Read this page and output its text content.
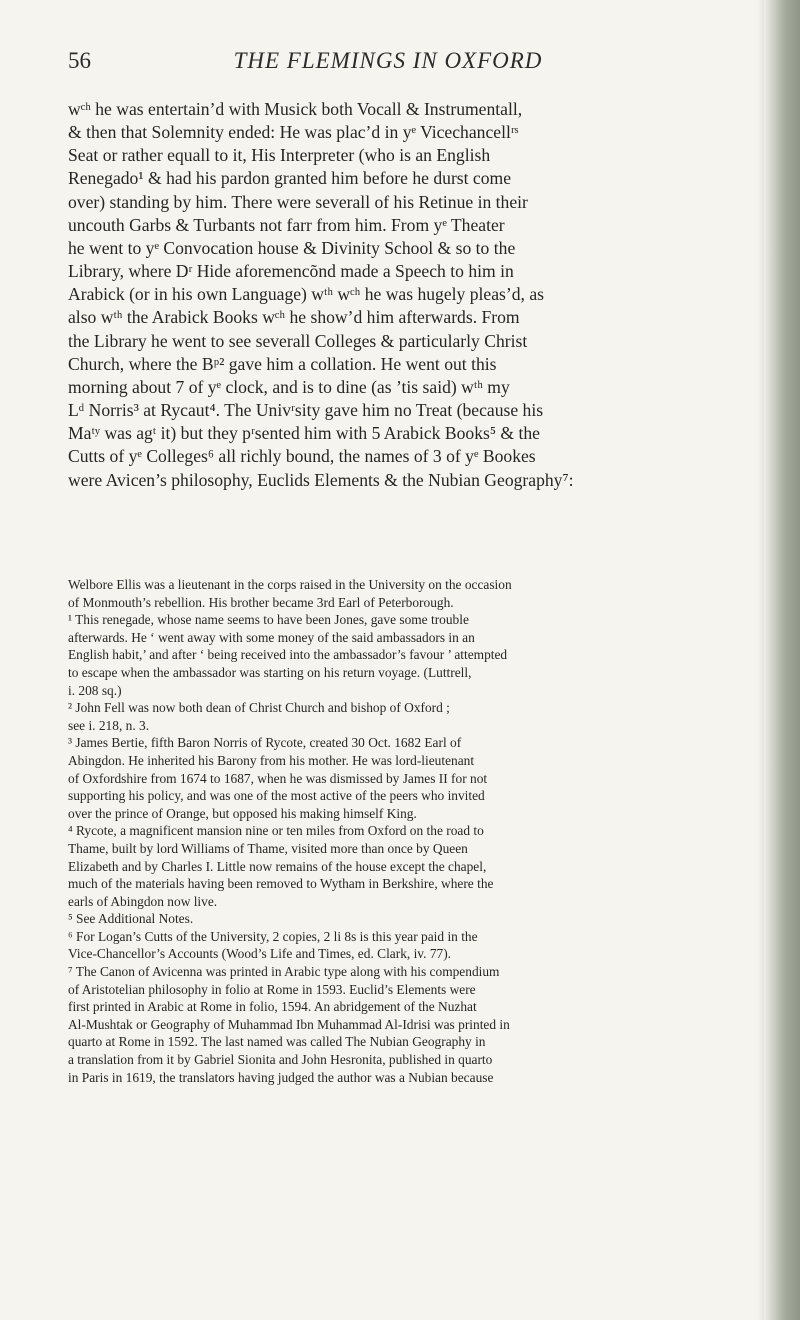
56	THE FLEMINGS IN OXFORD

wᶜʰ he was entertain’d with Musick both Vocall & Instrumentall,
& then that Solemnity ended: He was plac’d in yᵉ Vicechancellʳˢ
Seat or rather equall to it, His Interpreter (who is an English
Renegado¹ & had his pardon granted him before he durst come
over) standing by him. There were severall of his Retinue in their
uncouth Garbs & Turbants not farr from him. From yᵉ Theater
he went to yᵉ Convocation house & Divinity School & so to the
Library, where Dʳ Hide aforemencõnd made a Speech to him in
Arabick (or in his own Language) wᵗʰ wᶜʰ he was hugely pleas’d, as
also wᵗʰ the Arabick Books wᶜʰ he show’d him afterwards. From
the Library he went to see severall Colleges & particularly Christ
Church, where the Bᵖ² gave him a collation. He went out this
morning about 7 of yᵉ clock, and is to dine (as ’tis said) wᵗʰ my
Lᵈ Norris³ at Rycaut⁴. The Univʳsity gave him no Treat (because his
Maᵗʸ was agᵗ it) but they pʳsented him with 5 Arabick Books⁵ & the
Cutts of yᵉ Colleges⁶ all richly bound, the names of 3 of yᵉ Bookes
were Avicen’s philosophy, Euclids Elements & the Nubian Geography⁷:

Welbore Ellis was a lieutenant in the corps raised in the University on the occasion
of Monmouth’s rebellion. His brother became 3rd Earl of Peterborough.
¹ This renegade, whose name seems to have been Jones, gave some trouble
afterwards. He ‘ went away with some money of the said ambassadors in an
English habit,’ and after ‘ being received into the ambassador’s favour ’ attempted
to escape when the ambassador was starting on his return voyage. (Luttrell,
i. 208 sq.)
² John Fell was now both dean of Christ Church and bishop of Oxford ;
see i. 218, n. 3.
³ James Bertie, fifth Baron Norris of Rycote, created 30 Oct. 1682 Earl of
Abingdon. He inherited his Barony from his mother. He was lord-lieutenant
of Oxfordshire from 1674 to 1687, when he was dismissed by James II for not
supporting his policy, and was one of the most active of the peers who invited
over the prince of Orange, but opposed his making himself King.
⁴ Rycote, a magnificent mansion nine or ten miles from Oxford on the road to
Thame, built by lord Williams of Thame, visited more than once by Queen
Elizabeth and by Charles I. Little now remains of the house except the chapel,
much of the materials having been removed to Wytham in Berkshire, where the
earls of Abingdon now live.
⁵ See Additional Notes.
⁶ For Logan’s Cutts of the University, 2 copies, 2 li 8s is this year paid in the
Vice-Chancellor’s Accounts (Wood’s Life and Times, ed. Clark, iv. 77).
⁷ The Canon of Avicenna was printed in Arabic type along with his compendium
of Aristotelian philosophy in folio at Rome in 1593. Euclid’s Elements were
first printed in Arabic at Rome in folio, 1594. An abridgement of the Nuzhat
Al-Mushtak or Geography of Muhammad Ibn Muhammad Al-Idrisi was printed in
quarto at Rome in 1592. The last named was called The Nubian Geography in
a translation from it by Gabriel Sionita and John Hesronita, published in quarto
in Paris in 1619, the translators having judged the author was a Nubian because
